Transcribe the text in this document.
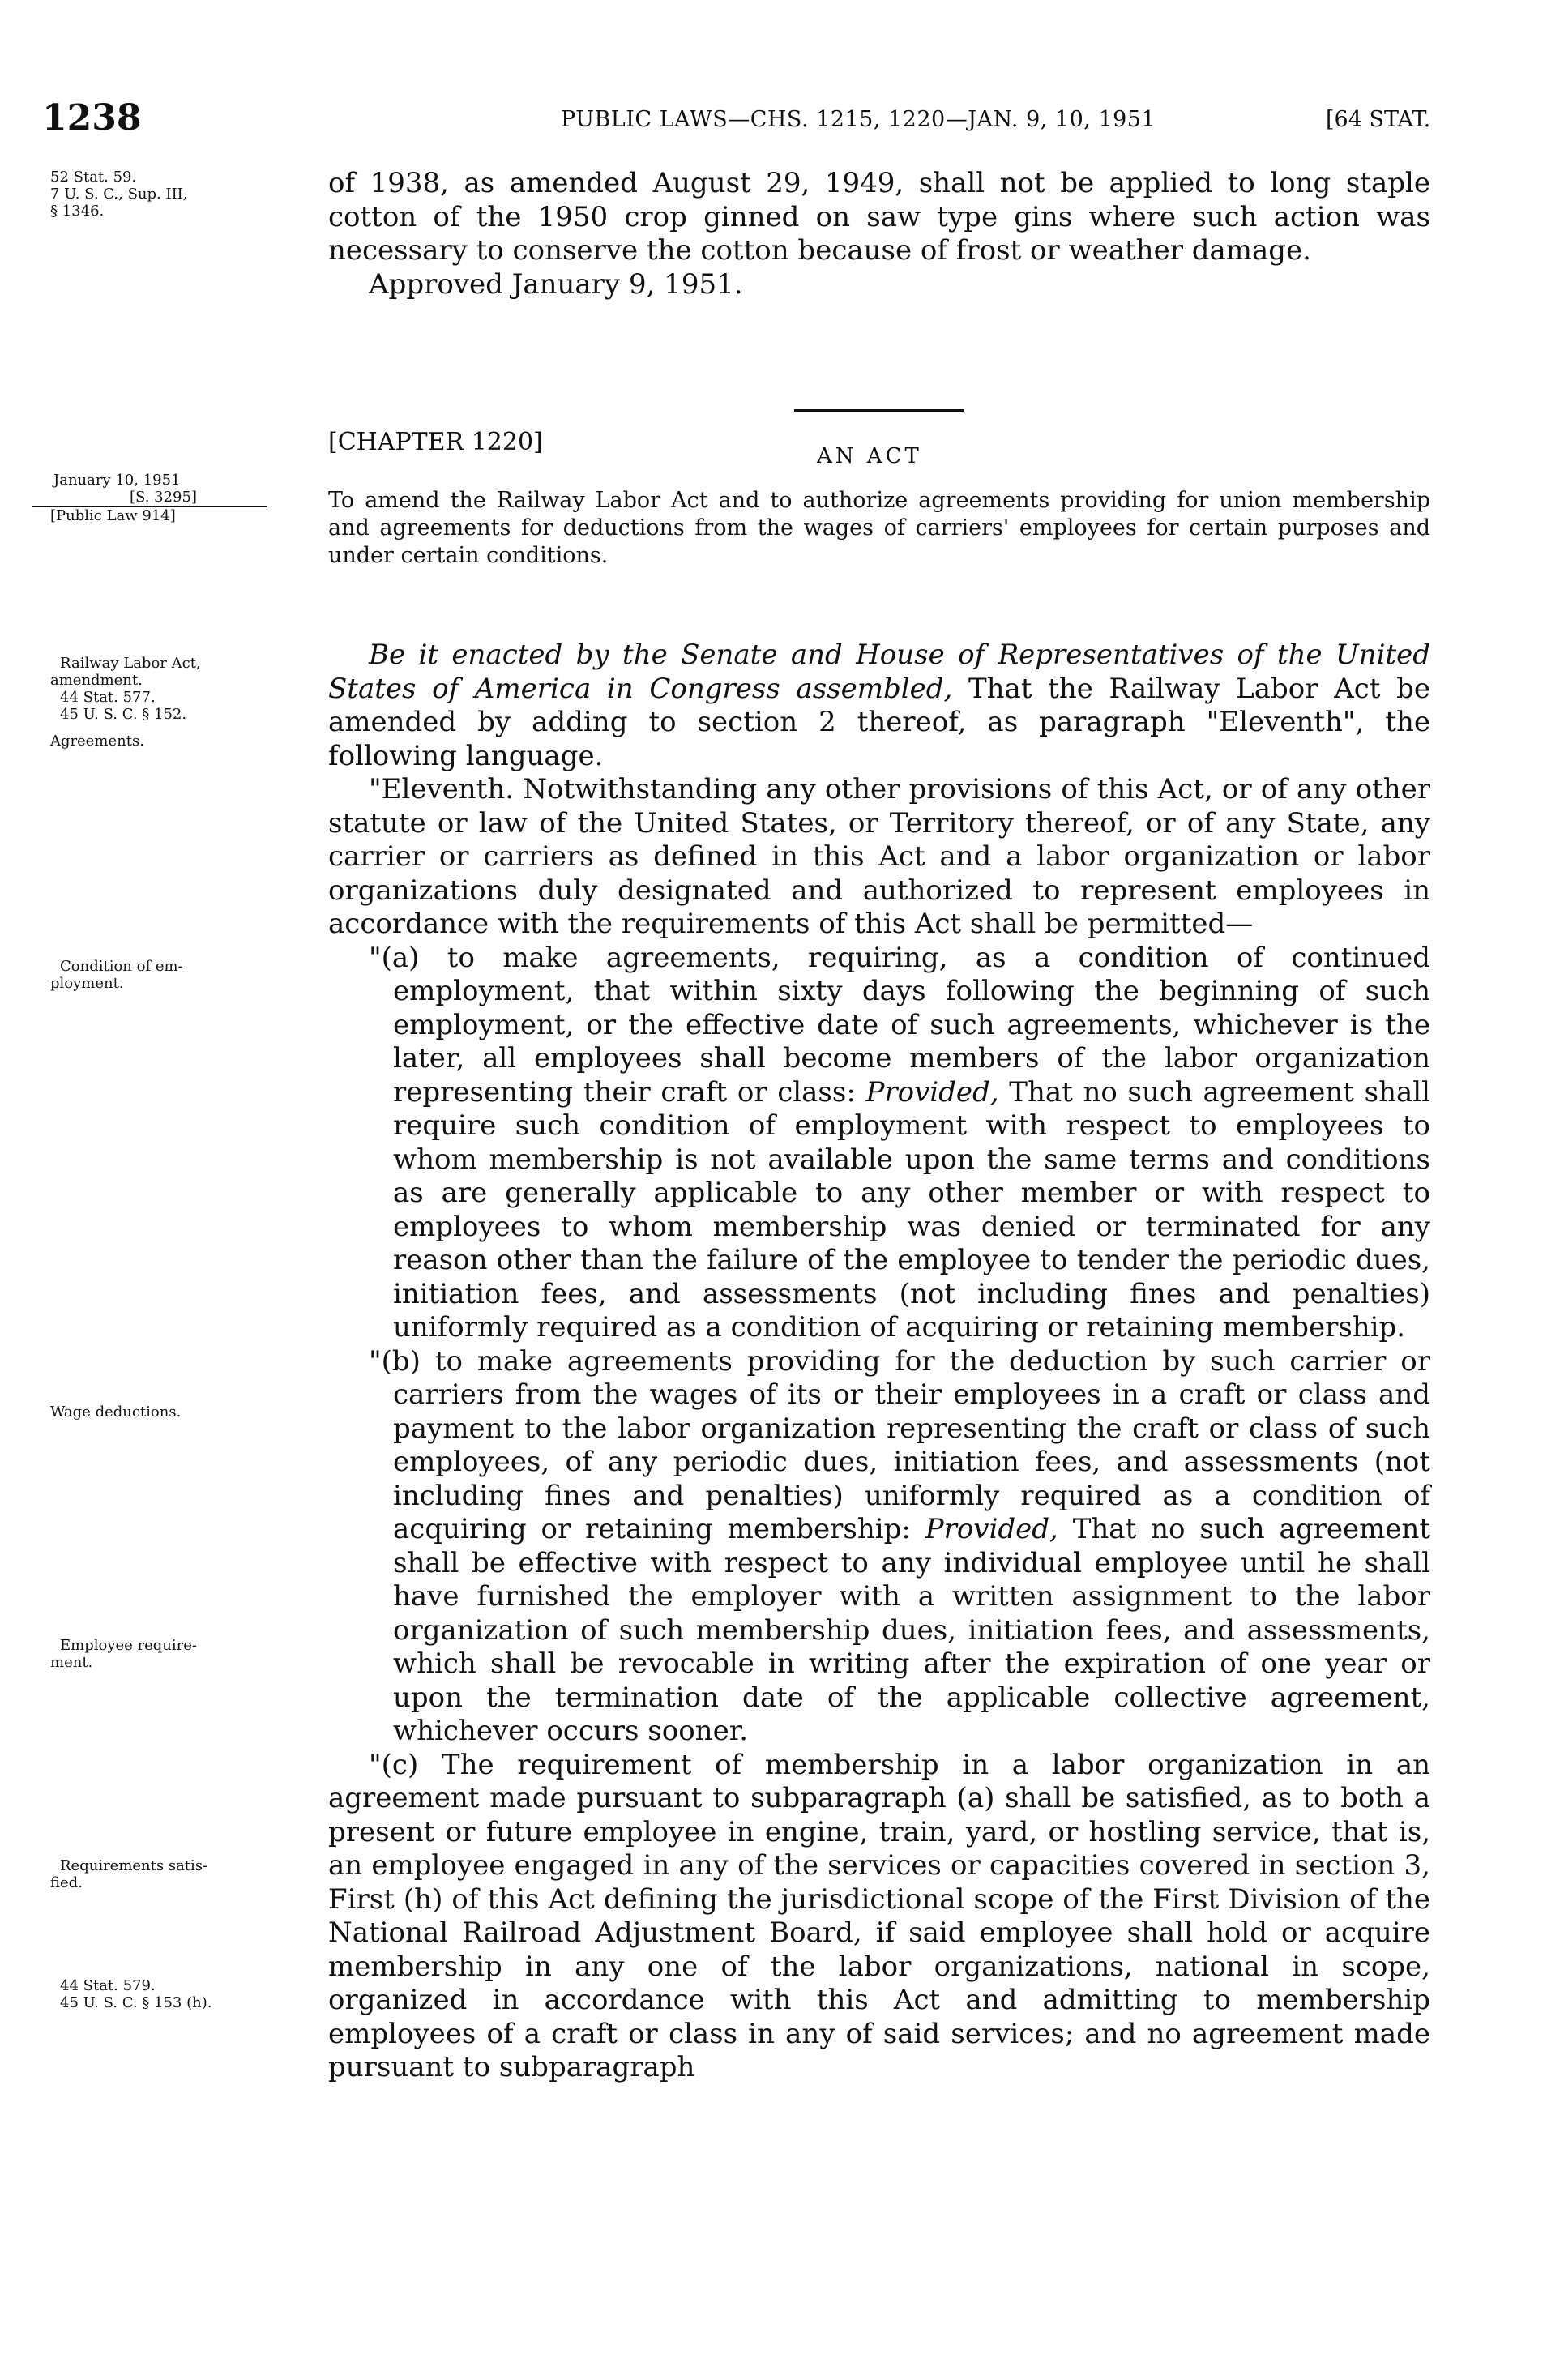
1238	PUBLIC LAWS—CHS. 1215, 1220—JAN. 9, 10, 1951	[64 STAT.
52 Stat. 59.
7 U. S. C., Sup. III,
§ 1346.

of 1938, as amended August 29, 1949, shall not be applied to long staple cotton of the 1950 crop ginned on saw type gins where such action was necessary to conserve the cotton because of frost or weather damage.

Approved January 9, 1951.

[CHAPTER 1220]	AN ACT
To amend the Railway Labor Act and to authorize agreements providing for union membership and agreements for deductions from the wages of carriers' employees for certain purposes and under certain conditions.
January 10, 1951
[S. 3295]
[Public Law 914]
Railway Labor Act,
amendment.
44 Stat. 577.
45 U. S. C. § 152.
Agreements.
Condition of em-
ployment.
Wage deductions.
Employee require-
ment.
Requirements satis-
fied.
44 Stat. 579.
45 U. S. C. § 153 (h).

Be it enacted by the Senate and House of Representatives of the United States of America in Congress assembled, That the Railway Labor Act be amended by adding to section 2 thereof, as paragraph "Eleventh", the following language.

"Eleventh. Notwithstanding any other provisions of this Act, or of any other statute or law of the United States, or Territory thereof, or of any State, any carrier or carriers as defined in this Act and a labor organization or labor organizations duly designated and authorized to represent employees in accordance with the requirements of this Act shall be permitted—

"(a) to make agreements, requiring, as a condition of continued employment, that within sixty days following the beginning of such employment, or the effective date of such agreements, whichever is the later, all employees shall become members of the labor organization representing their craft or class: Provided, That no such agreement shall require such condition of employment with respect to employees to whom membership is not available upon the same terms and conditions as are generally applicable to any other member or with respect to employees to whom membership was denied or terminated for any reason other than the failure of the employee to tender the periodic dues, initiation fees, and assessments (not including fines and penalties) uniformly required as a condition of acquiring or retaining membership.

"(b) to make agreements providing for the deduction by such carrier or carriers from the wages of its or their employees in a craft or class and payment to the labor organization representing the craft or class of such employees, of any periodic dues, initiation fees, and assessments (not including fines and penalties) uniformly required as a condition of acquiring or retaining membership: Provided, That no such agreement shall be effective with respect to any individual employee until he shall have furnished the employer with a written assignment to the labor organization of such membership dues, initiation fees, and assessments, which shall be revocable in writing after the expiration of one year or upon the termination date of the applicable collective agreement, whichever occurs sooner.

"(c) The requirement of membership in a labor organization in an agreement made pursuant to subparagraph (a) shall be satisfied, as to both a present or future employee in engine, train, yard, or hostling service, that is, an employee engaged in any of the services or capacities covered in section 3, First (h) of this Act defining the jurisdictional scope of the First Division of the National Railroad Adjustment Board, if said employee shall hold or acquire membership in any one of the labor organizations, national in scope, organized in accordance with this Act and admitting to membership employees of a craft or class in any of said services; and no agreement made pursuant to subparagraph
